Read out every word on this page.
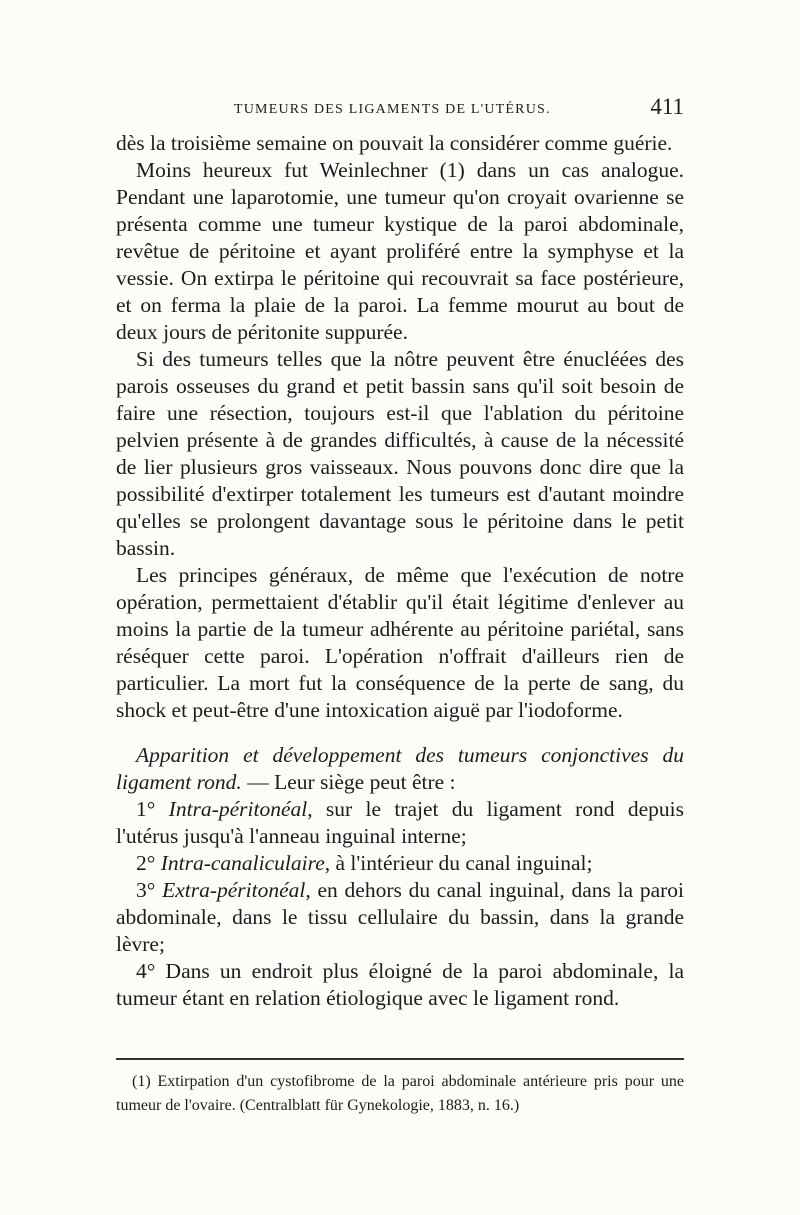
TUMEURS DES LIGAMENTS DE L'UTÉRUS.	411

dès la troisième semaine on pouvait la considérer comme guérie.

Moins heureux fut Weinlechner (1) dans un cas analogue. Pendant une laparotomie, une tumeur qu'on croyait ovarienne se présenta comme une tumeur kystique de la paroi abdominale, revêtue de péritoine et ayant proliféré entre la symphyse et la vessie. On extirpa le péritoine qui recouvrait sa face postérieure, et on ferma la plaie de la paroi. La femme mourut au bout de deux jours de péritonite suppurée.

Si des tumeurs telles que la nôtre peuvent être énucléées des parois osseuses du grand et petit bassin sans qu'il soit besoin de faire une résection, toujours est-il que l'ablation du péritoine pelvien présente à de grandes difficultés, à cause de la nécessité de lier plusieurs gros vaisseaux. Nous pouvons donc dire que la possibilité d'extirper totalement les tumeurs est d'autant moindre qu'elles se prolongent davantage sous le péritoine dans le petit bassin.

Les principes généraux, de même que l'exécution de notre opération, permettaient d'établir qu'il était légitime d'enlever au moins la partie de la tumeur adhérente au péritoine pariétal, sans réséquer cette paroi. L'opération n'offrait d'ailleurs rien de particulier. La mort fut la conséquence de la perte de sang, du shock et peut-être d'une intoxication aiguë par l'iodoforme.

Apparition et développement des tumeurs conjonctives du ligament rond. — Leur siège peut être :

1° Intra-péritonéal, sur le trajet du ligament rond depuis l'utérus jusqu'à l'anneau inguinal interne;

2° Intra-canaliculaire, à l'intérieur du canal inguinal;

3° Extra-péritonéal, en dehors du canal inguinal, dans la paroi abdominale, dans le tissu cellulaire du bassin, dans la grande lèvre;

4° Dans un endroit plus éloigné de la paroi abdominale, la tumeur étant en relation étiologique avec le ligament rond.

(1) Extirpation d'un cystofibrome de la paroi abdominale antérieure pris pour une tumeur de l'ovaire. (Centralblatt für Gynekologie, 1883, n. 16.)
